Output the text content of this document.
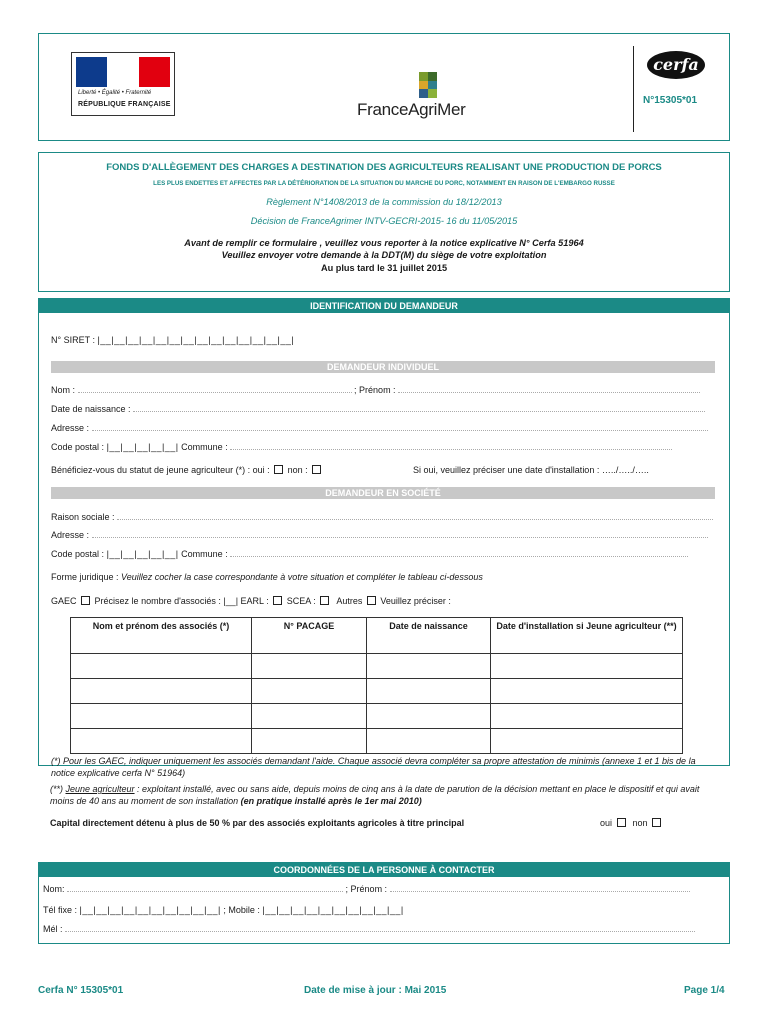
Liberté • Égalité • Fraternité
RÉPUBLIQUE FRANÇAISE	FranceAgriMer
cerfa
N°15305*01
FONDS D'ALLÈGEMENT DES CHARGES A DESTINATION DES AGRICULTEURS REALISANT UNE PRODUCTION DE PORCS
LES PLUS ENDETTES ET AFFECTES PAR LA DÉTÉRIORATION DE LA SITUATION DU MARCHE DU PORC, NOTAMMENT EN RAISON DE L'EMBARGO RUSSE
Règlement N°1408/2013 de la commission du 18/12/2013
Décision de FranceAgrimer INTV-GECRI-2015- 16 du 11/05/2015
Avant de remplir ce formulaire , veuillez vous reporter à la notice explicative N° Cerfa 51964
Veuillez envoyer votre demande à la DDT(M) du siège de votre exploitation
Au plus tard le 31 juillet 2015
IDENTIFICATION DU DEMANDEUR
N° SIRET : |__|__|__|__|__|__|__|__|__|__|__|__|__|__|
DEMANDEUR INDIVIDUEL
Nom :	; Prénom :
Date de naissance :
Adresse :
Code postal : |__|__|__|__|__| Commune :
Bénéficiez-vous du statut de jeune agriculteur (*) : oui : non :	Si oui, veuillez préciser une date d'installation : …../…../…..
DEMANDEUR EN SOCIÉTÉ
Raison sociale :
Adresse :
Code postal : |__|__|__|__|__| Commune :
Forme juridique : Veuillez cocher la case correspondante à votre situation et compléter le tableau ci-dessous
GAEC Précisez le nombre d'associés : |__| EARL : SCEA : Autres Veuillez préciser :
Nom et prénom des associés (*)	N° PACAGE	Date de naissance	Date d'installation si Jeune agriculteur (**)

(*) Pour les GAEC, indiquer uniquement les associés demandant l'aide. Chaque associé devra compléter sa propre attestation de minimis (annexe 1 et 1 bis de la notice explicative cerfa N° 51964)
(**) Jeune agriculteur : exploitant installé, avec ou sans aide, depuis moins de cinq ans à la date de parution de la décision mettant en place le dispositif et qui avait moins de 40 ans au moment de son installation (en pratique installé après le 1er mai 2010)
Capital directement détenu à plus de 50 % par des associés exploitants agricoles à titre principal	oui non
COORDONNÉES DE LA PERSONNE À CONTACTER
Nom:	; Prénom :
Tél fixe : |__|__|__|__|__|__|__|__|__|__| ; Mobile : |__|__|__|__|__|__|__|__|__|__|
Mél :
Cerfa N° 15305*01	Date de mise à jour : Mai 2015	Page 1/4
